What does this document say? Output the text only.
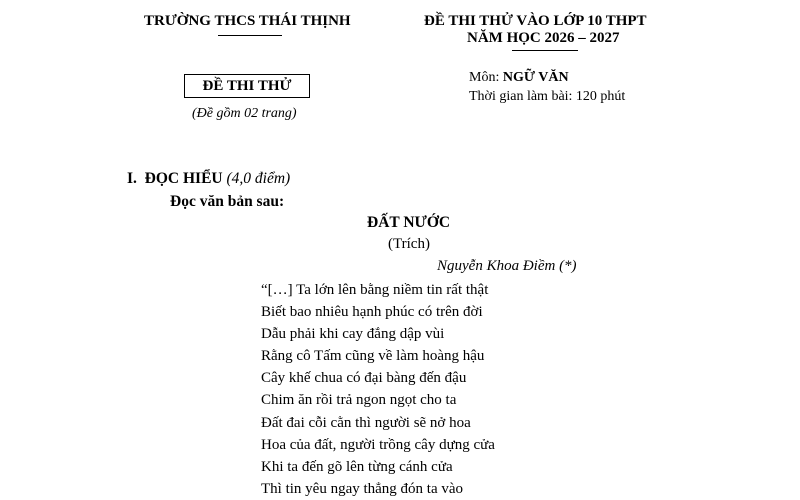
TRƯỜNG THCS THÁI THỊNH	ĐỀ THI THỬ VÀO LỚP 10 THPT
NĂM HỌC 2026 – 2027
ĐỀ THI THỬ
(Đề gồm 02 trang)
Môn: NGỮ VĂN
Thời gian làm bài: 120 phút
I. ĐỌC HIỂU (4,0 điểm)
Đọc văn bản sau:
ĐẤT NƯỚC
(Trích)
Nguyễn Khoa Điềm (*)
“[…] Ta lớn lên bằng niềm tin rất thật
Biết bao nhiêu hạnh phúc có trên đời
Dẫu phải khi cay đắng dập vùi
Rằng cô Tấm cũng về làm hoàng hậu
Cây khế chua có đại bàng đến đậu
Chim ăn rồi trả ngon ngọt cho ta
Đất đai cỗi cằn thì người sẽ nở hoa
Hoa của đất, người trồng cây dựng cửa
Khi ta đến gõ lên từng cánh cửa
Thì tin yêu ngay thẳng đón ta vào
